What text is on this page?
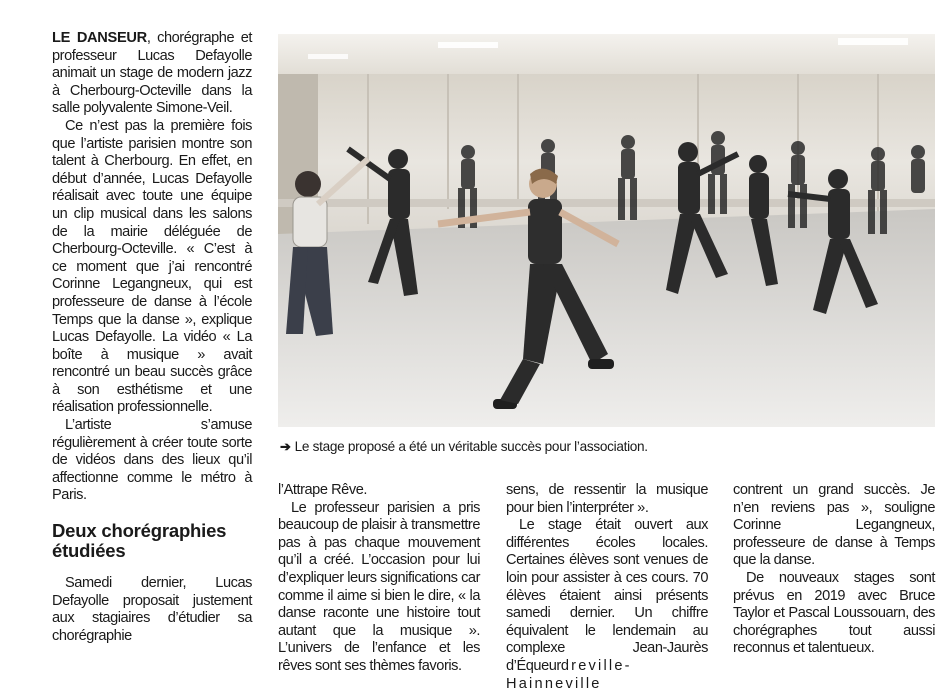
LE DANSEUR, chorégraphe et professeur Lucas Defayolle animait un stage de modern jazz à Cherbourg-Octeville dans la salle polyvalente Simone-Veil.

Ce n’est pas la première fois que l’artiste parisien montre son talent à Cherbourg. En effet, en début d’année, Lucas Defayolle réalisait avec toute une équipe un clip musical dans les salons de la mairie déléguée de Cherbourg-Octeville. « C’est à ce moment que j’ai rencontré Corinne Legangneux, qui est professeure de danse à l’école Temps que la danse », explique Lucas Defayolle. La vidéo « La boîte à musique » avait rencontré un beau succès grâce à son esthétisme et une réalisation professionnelle.

L’artiste s’amuse régulièrement à créer toute sorte de vidéos dans des lieux qu’il affectionne comme le métro à Paris.

Deux chorégraphies étudiées

Samedi dernier, Lucas Defayolle proposait justement aux stagiaires d’étudier sa chorégraphie

➔ Le stage proposé a été un véritable succès pour l’association.

l’Attrape Rêve.

Le professeur parisien a pris beaucoup de plaisir à transmettre pas à pas chaque mouvement qu’il a créé. L’occasion pour lui d’expliquer leurs significations car comme il aime si bien le dire, « la danse raconte une histoire tout autant que la musique ». L’univers de l’enfance et les rêves sont ses thèmes favoris.

sens, de ressentir la musique pour bien l’interpréter ».

Le stage était ouvert aux différentes écoles locales. Certaines élèves sont venues de loin pour assister à ces cours. 70 élèves étaient ainsi présents samedi dernier. Un chiffre équivalent le lendemain au complexe Jean-Jaurès d’Équeurdreville-Hainneville

contrent un grand succès. Je n’en reviens pas », souligne Corinne Legangneux, professeure de danse à Temps que la danse.

De nouveaux stages sont prévus en 2019 avec Bruce Taylor et Pascal Loussouarn, des chorégraphes tout aussi reconnus et talentueux.
